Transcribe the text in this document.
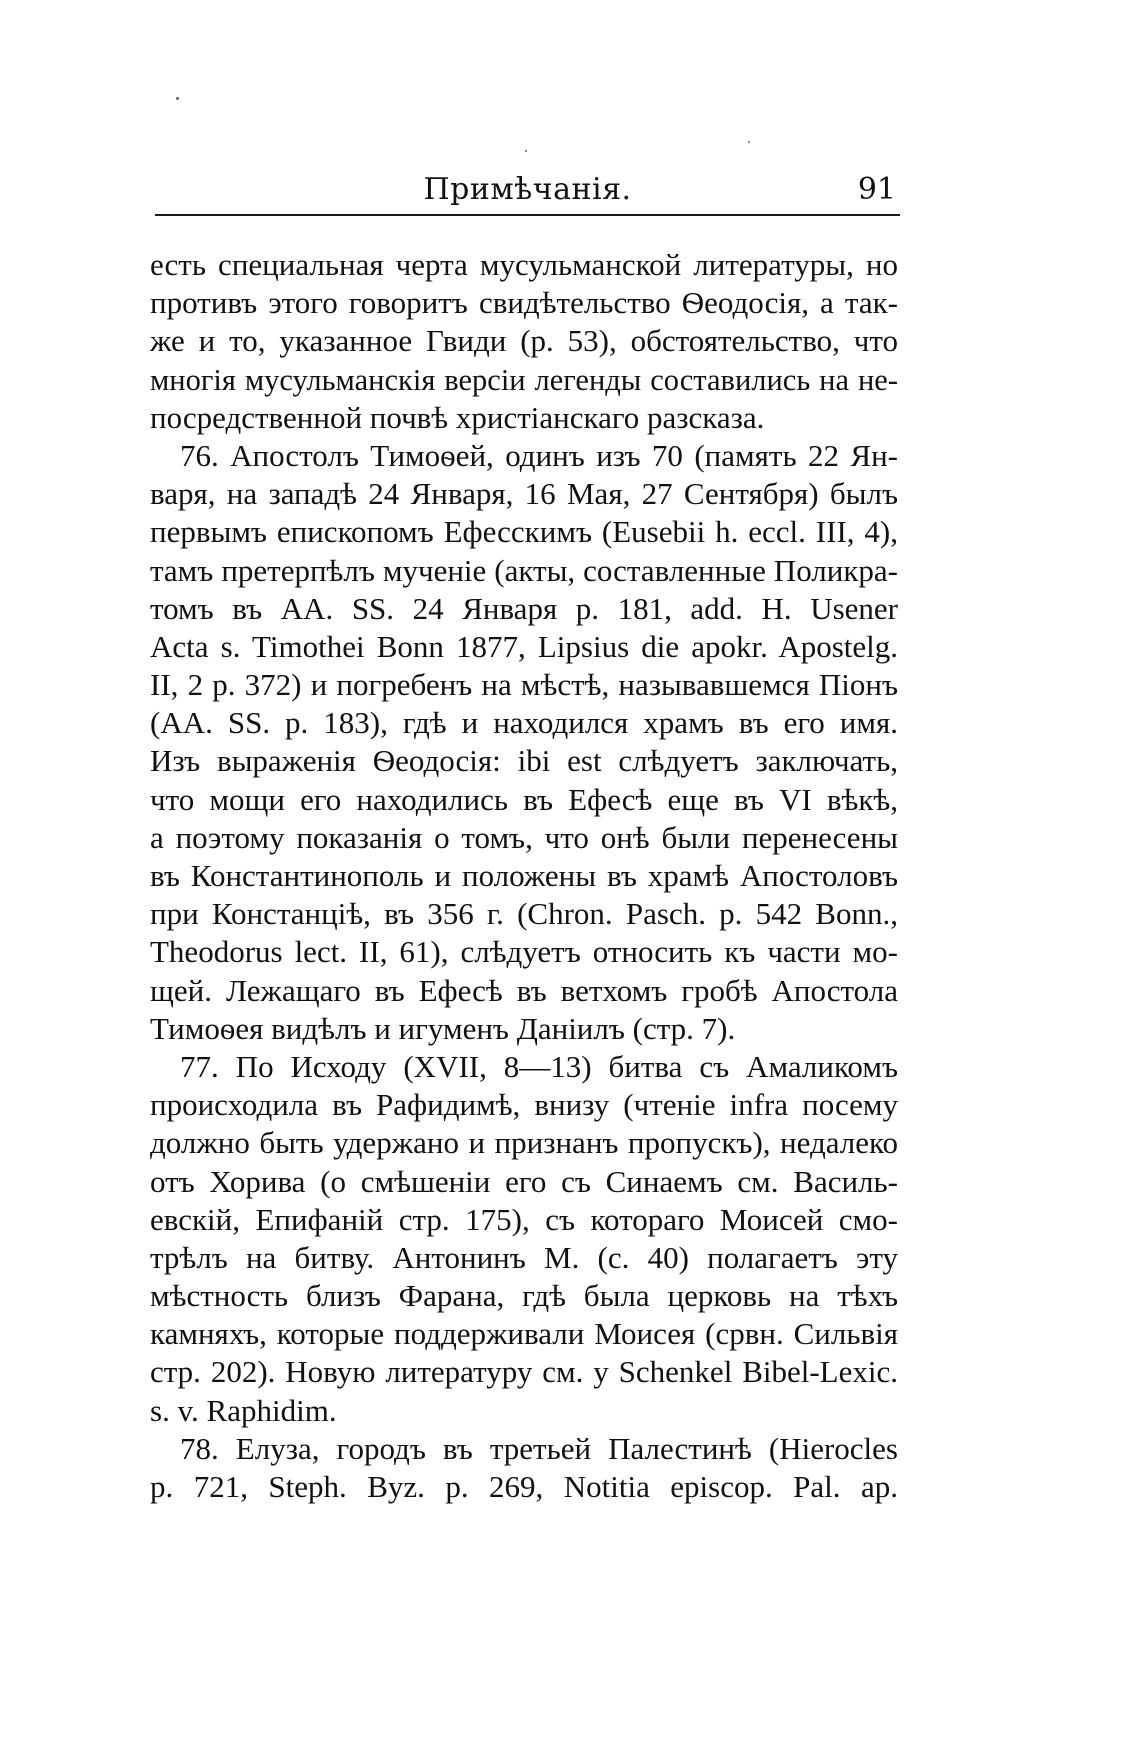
Примѣчанія.	91
есть специальная черта мусульманской литературы, но
противъ этого говоритъ свидѣтельство Ѳеодосія, а так-
же и то, указанное Гвиди (р. 53), обстоятельство, что
многія мусульманскія версіи легенды составились на не-
посредственной почвѣ христіанскаго разсказа.
76. Апостолъ Тимоѳей, одинъ изъ 70 (память 22 Ян-
варя, на западѣ 24 Января, 16 Мая, 27 Сентября) былъ
первымъ епископомъ Ефесскимъ (Eusebii h. eccl. III, 4),
тамъ претерпѣлъ мученіе (акты, составленные Поликра-
томъ въ АА. SS. 24 Января р. 181, add. H. Usener
Acta s. Timothei Bonn 1877, Lipsius die apokr. Apostelg.
II, 2 р. 372) и погребенъ на мѣстѣ, называвшемся Піонъ
(АА. SS. р. 183), гдѣ и находился храмъ въ его имя.
Изъ выраженія Ѳеодосія: ibi est слѣдуетъ заключать,
что мощи его находились въ Ефесѣ еще въ VI вѣкѣ,
а поэтому показанія о томъ, что онѣ были перенесены
въ Константинополь и положены въ храмѣ Апостоловъ
при Констанціѣ, въ 356 г. (Chron. Pasch. p. 542 Bonn.,
Theodorus lect. II, 61), слѣдуетъ относить къ части мо-
щей. Лежащаго въ Ефесѣ въ ветхомъ гробѣ Апостола
Тимоѳея видѣлъ и игуменъ Даніилъ (стр. 7).
77. По Исходу (XVII, 8—13) битва съ Амаликомъ
происходила въ Рафидимѣ, внизу (чтеніе infra посему
должно быть удержано и признанъ пропускъ), недалеко
отъ Хорива (о смѣшеніи его съ Синаемъ см. Василь-
евскій, Епифаній стр. 175), съ котораго Моисей смо-
трѣлъ на битву. Антонинъ М. (с. 40) полагаетъ эту
мѣстность близъ Фарана, гдѣ была церковь на тѣхъ
камняхъ, которые поддерживали Моисея (срвн. Сильвія
стр. 202). Новую литературу см. у Schenkel Bibel-Lexic.
s. v. Raphidim.
78. Елуза, городъ въ третьей Палестинѣ (Hierocles
р. 721, Steph. Byz. p. 269, Notitia episcop. Pal. ap.
